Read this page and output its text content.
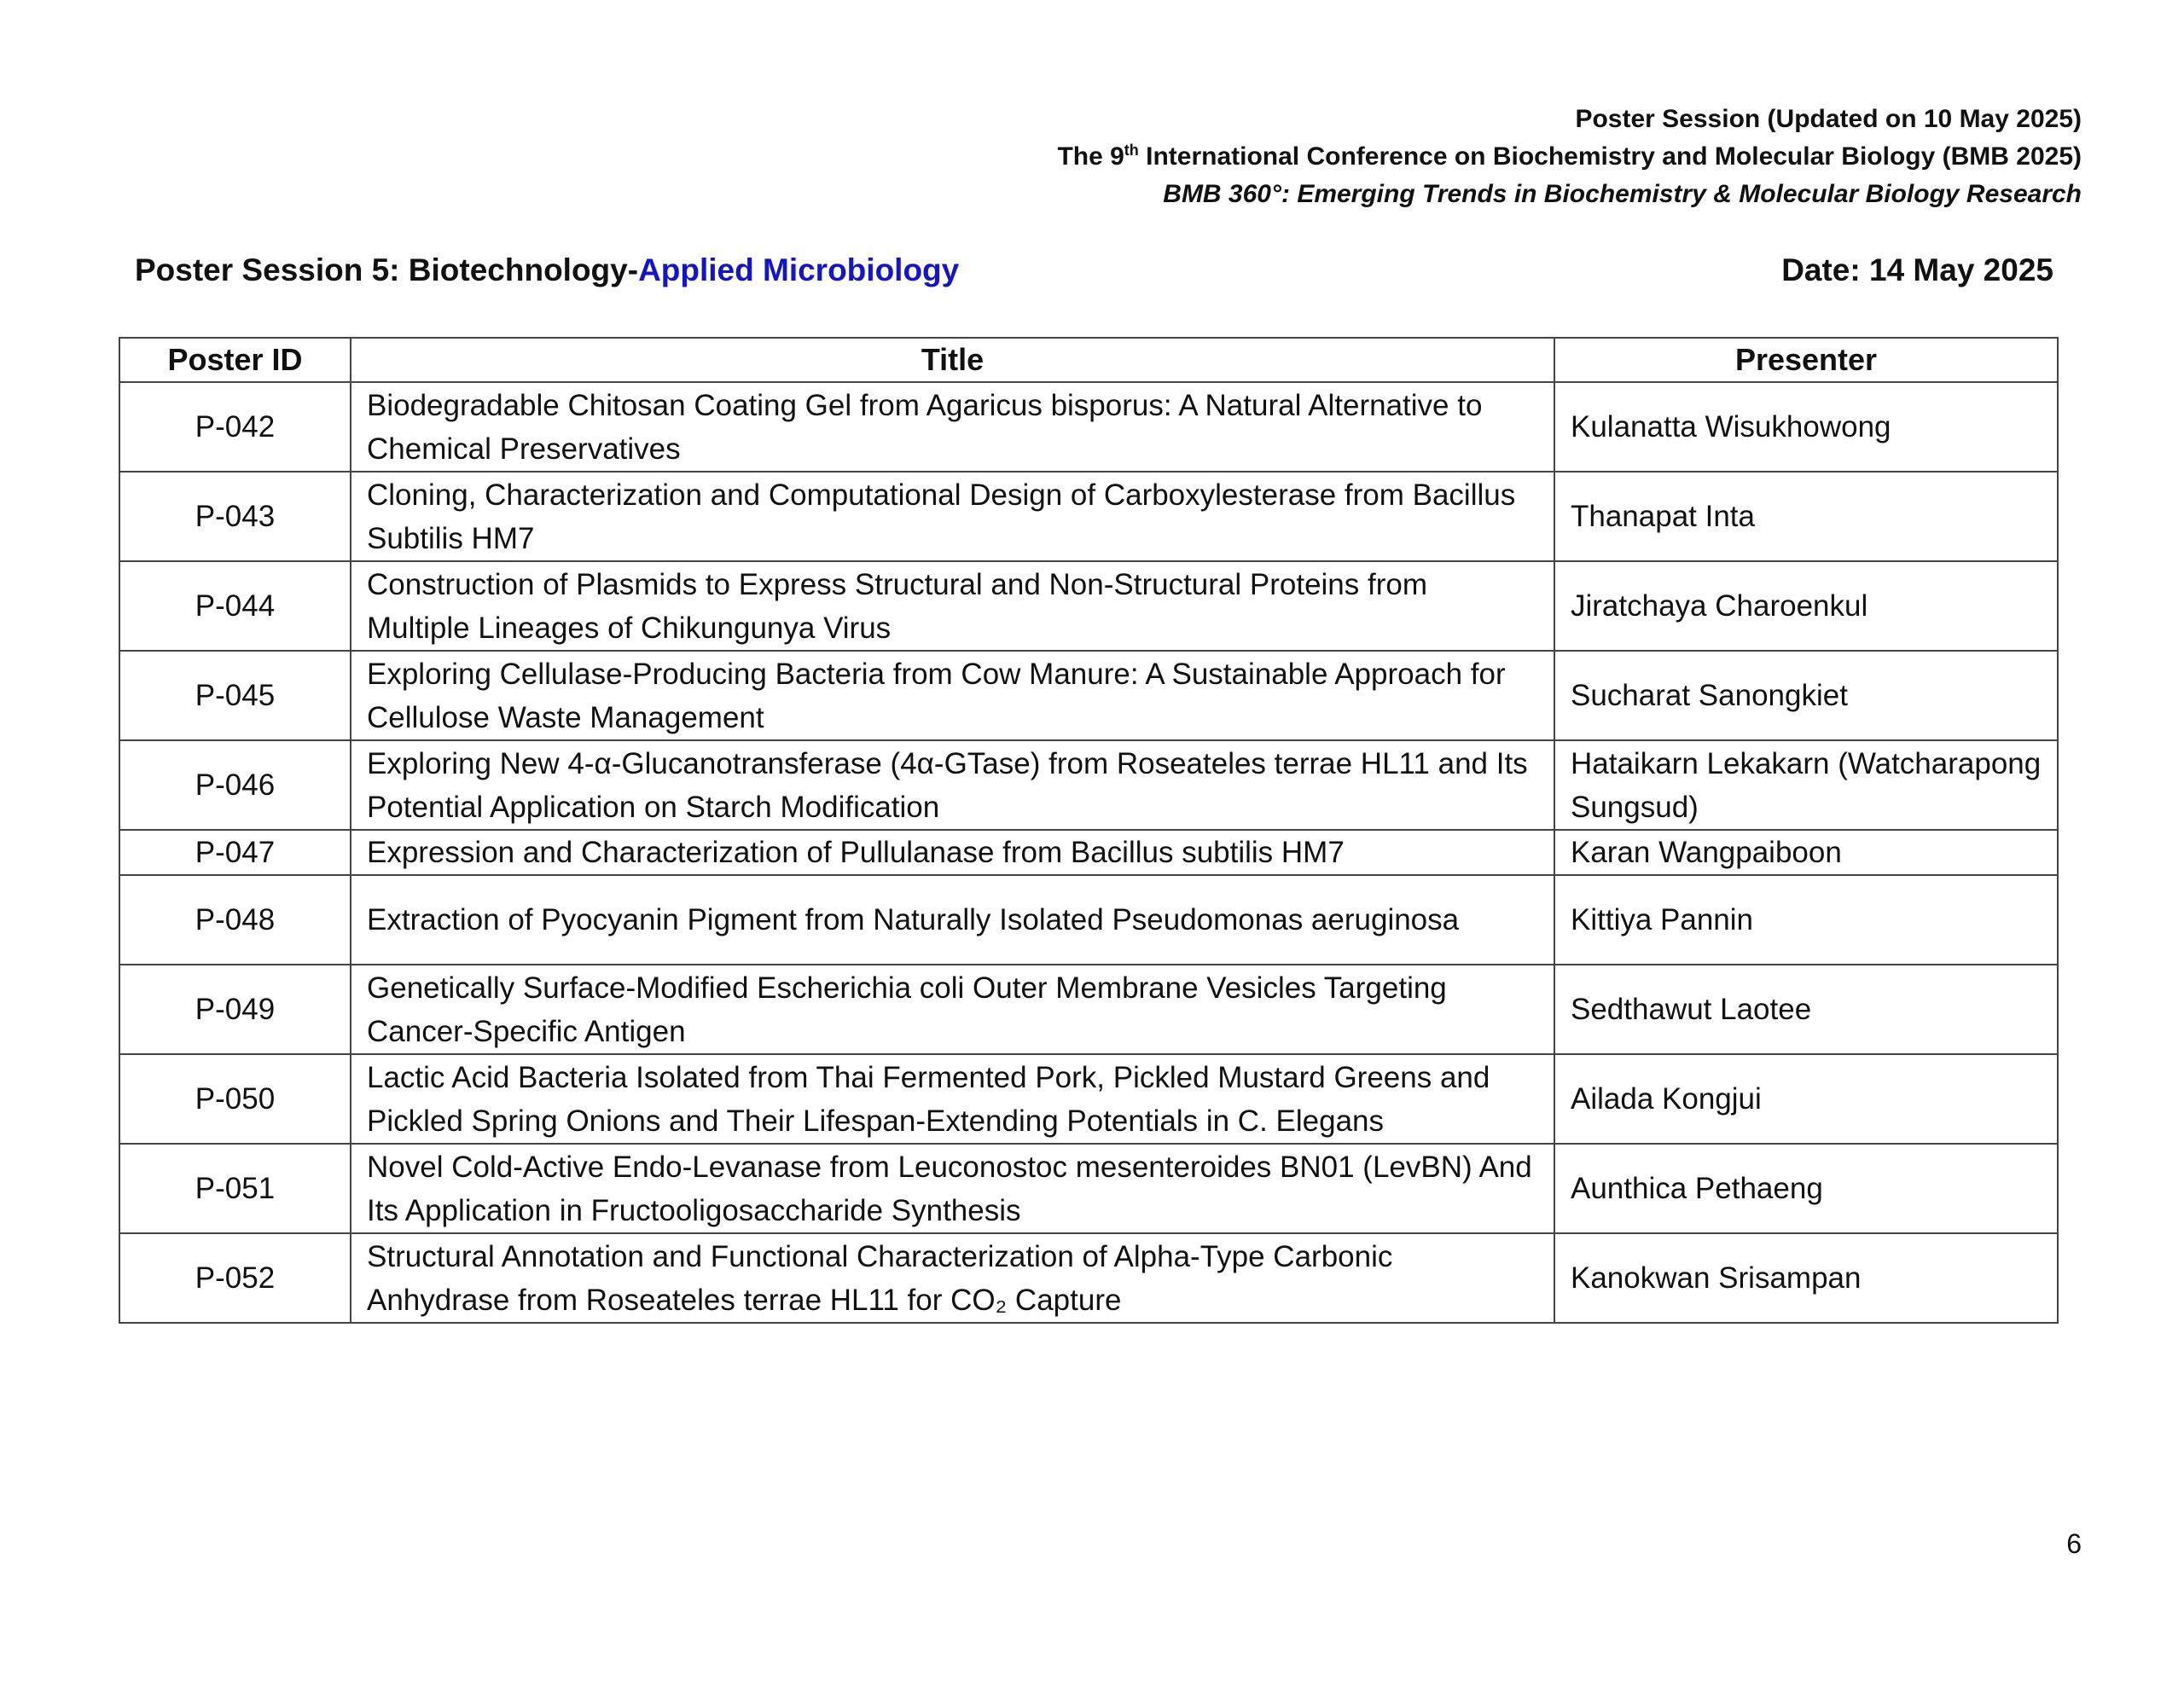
Poster Session (Updated on 10 May 2025)
The 9th International Conference on Biochemistry and Molecular Biology (BMB 2025)
BMB 360°: Emerging Trends in Biochemistry & Molecular Biology Research
Poster Session 5: Biotechnology-Applied Microbiology	Date: 14 May 2025
Poster ID	Title	Presenter
P-042	Biodegradable Chitosan Coating Gel from Agaricus bisporus: A Natural Alternative to Chemical Preservatives	Kulanatta Wisukhowong
P-043	Cloning, Characterization and Computational Design of Carboxylesterase from Bacillus Subtilis HM7	Thanapat Inta
P-044	Construction of Plasmids to Express Structural and Non-Structural Proteins from Multiple Lineages of Chikungunya Virus	Jiratchaya Charoenkul
P-045	Exploring Cellulase-Producing Bacteria from Cow Manure: A Sustainable Approach for Cellulose Waste Management	Sucharat Sanongkiet
P-046	Exploring New 4-α-Glucanotransferase (4α-GTase) from Roseateles terrae HL11 and Its Potential Application on Starch Modification	Hataikarn Lekakarn (Watcharapong Sungsud)
P-047	Expression and Characterization of Pullulanase from Bacillus subtilis HM7	Karan Wangpaiboon
P-048	Extraction of Pyocyanin Pigment from Naturally Isolated Pseudomonas aeruginosa	Kittiya Pannin
P-049	Genetically Surface-Modified Escherichia coli Outer Membrane Vesicles Targeting Cancer-Specific Antigen	Sedthawut Laotee
P-050	Lactic Acid Bacteria Isolated from Thai Fermented Pork, Pickled Mustard Greens and Pickled Spring Onions and Their Lifespan-Extending Potentials in C. Elegans	Ailada Kongjui
P-051	Novel Cold-Active Endo-Levanase from Leuconostoc mesenteroides BN01 (LevBN) And Its Application in Fructooligosaccharide Synthesis	Aunthica Pethaeng
P-052	Structural Annotation and Functional Characterization of Alpha-Type Carbonic Anhydrase from Roseateles terrae HL11 for CO₂ Capture	Kanokwan Srisampan
6
